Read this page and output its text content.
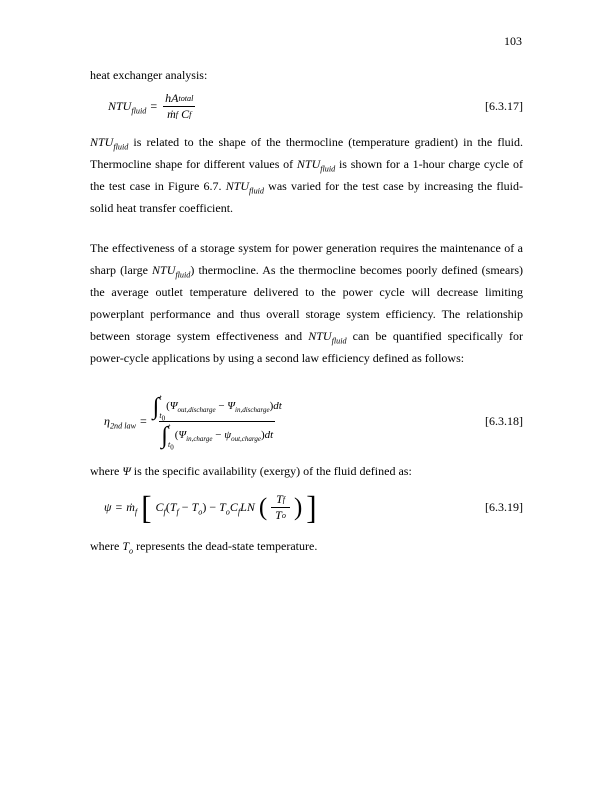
103

heat exchanger analysis:

$NTU_{fluid} = \frac{\text{hA total}}{\text{ṁ f C f}}$	[6.3.17]

$NTU_{fluid}$ is related to the shape of the thermocline (temperature gradient) in the fluid. Thermocline shape for different values of $NTU_{fluid}$ is shown for a 1-hour charge cycle of the test case in Figure 6.7. $NTU_{fluid}$ was varied for the test case by increasing the fluid-solid heat transfer coefficient.

The effectiveness of a storage system for power generation requires the maintenance of a sharp (large $NTU_{fluid}$) thermocline. As the thermocline becomes poorly defined (smears) the average outlet temperature delivered to the power cycle will decrease limiting powerplant performance and thus overall storage system efficiency. The relationship between storage system effectiveness and $NTU_{fluid}$ can be quantified specifically for power-cycle applications by using a second law efficiency defined as follows:

$\eta_{2nd law}$ =
∫ t
$t_0$
$(\Psi_{out,discharge} - \Psi_{in,discharge})dt$
∫ t
$t_0$
$(\Psi_{in,charge} - \psi_{out,charge})dt$
[6.3.18]

where Ψ is the specific availability (exergy) of the fluid defined as:

ψ = ṁ$_f$ [ $C_f(T_f - T_o) - T_oC_fLN$ ( $\frac{\text{T f}}{\text{T o}}$ ) ]	[6.3.19]

where $T_o$ represents the dead-state temperature.
